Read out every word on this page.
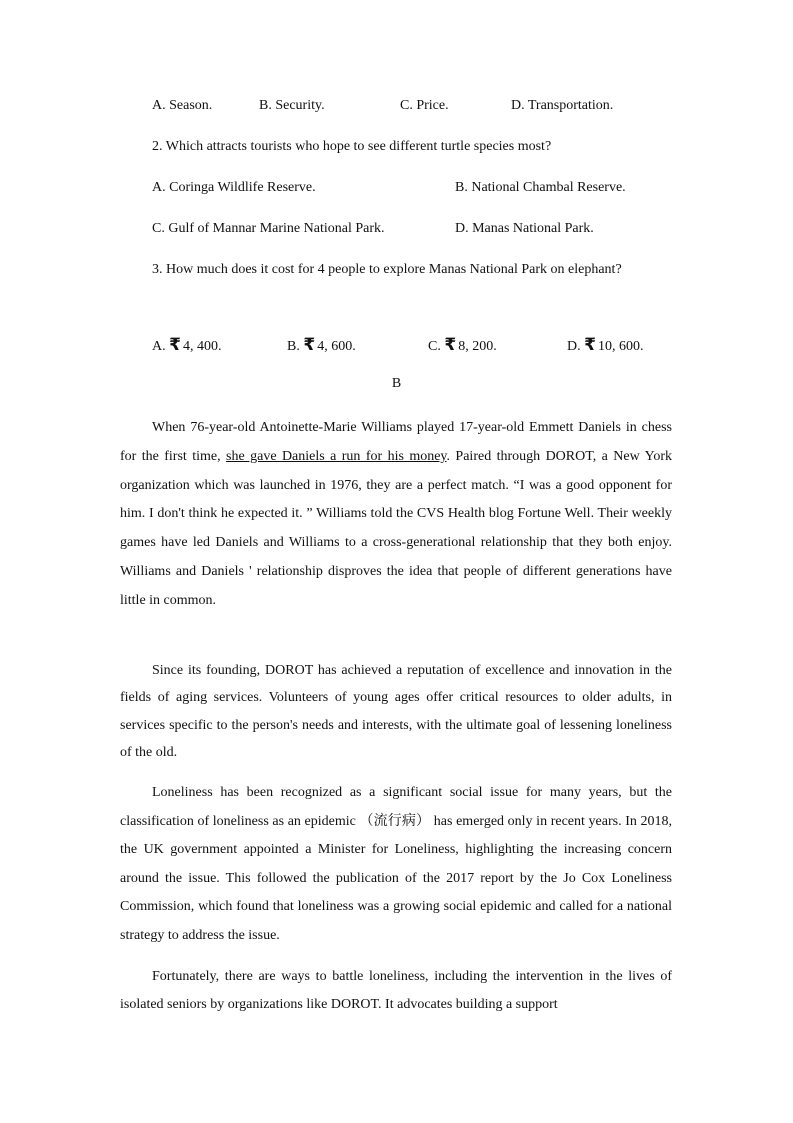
A. Season.	B. Security.	C. Price.	D. Transportation.
2. Which attracts tourists who hope to see different turtle species most?
A. Coringa Wildlife Reserve.	B. National Chambal Reserve.
C. Gulf of Mannar Marine National Park.	D. Manas National Park.
3. How much does it cost for 4 people to explore Manas National Park on elephant?
A. ₹ 4, 400.	B. ₹ 4, 600.	C. ₹ 8, 200.	D. ₹ 10, 600.
B

When 76-year-old Antoinette-Marie Williams played 17-year-old Emmett Daniels in chess for the first time, she gave Daniels a run for his money. Paired through DOROT, a New York organization which was launched in 1976, they are a perfect match. “I was a good opponent for him. I don't think he expected it. ” Williams told the CVS Health blog Fortune Well. Their weekly games have led Daniels and Williams to a cross-generational relationship that they both enjoy. Williams and Daniels ' relationship disproves the idea that people of different generations have little in common.

Since its founding, DOROT has achieved a reputation of excellence and innovation in the fields of aging services. Volunteers of young ages offer critical resources to older adults, in services specific to the person's needs and interests, with the ultimate goal of lessening loneliness of the old.

Loneliness has been recognized as a significant social issue for many years, but the classification of loneliness as an epidemic （流行病） has emerged only in recent years. In 2018, the UK government appointed a Minister for Loneliness, highlighting the increasing concern around the issue. This followed the publication of the 2017 report by the Jo Cox Loneliness Commission, which found that loneliness was a growing social epidemic and called for a national strategy to address the issue.

Fortunately, there are ways to battle loneliness, including the intervention in the lives of isolated seniors by organizations like DOROT. It advocates building a support
